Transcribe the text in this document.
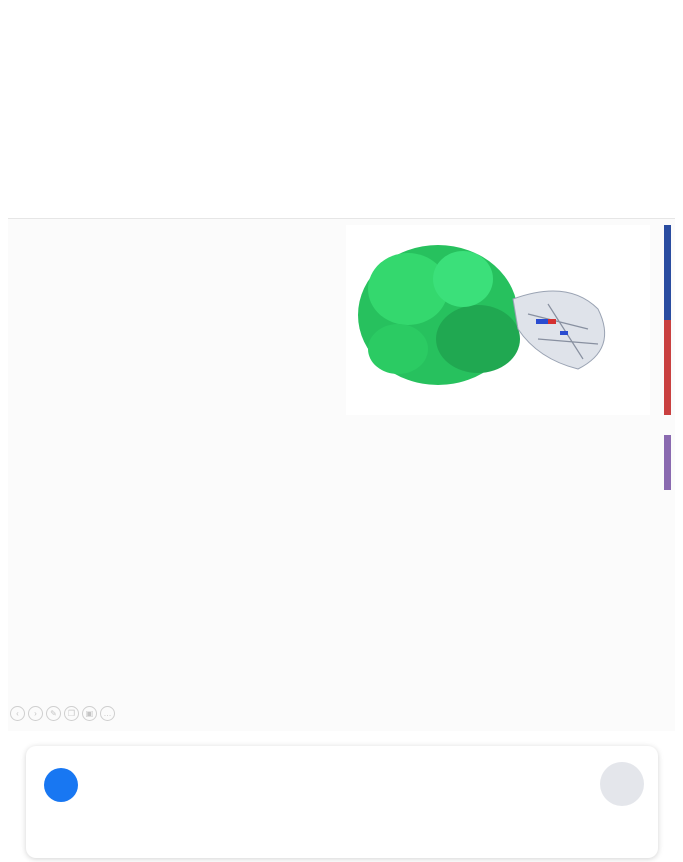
‹	›	✎	❐	▣	…
